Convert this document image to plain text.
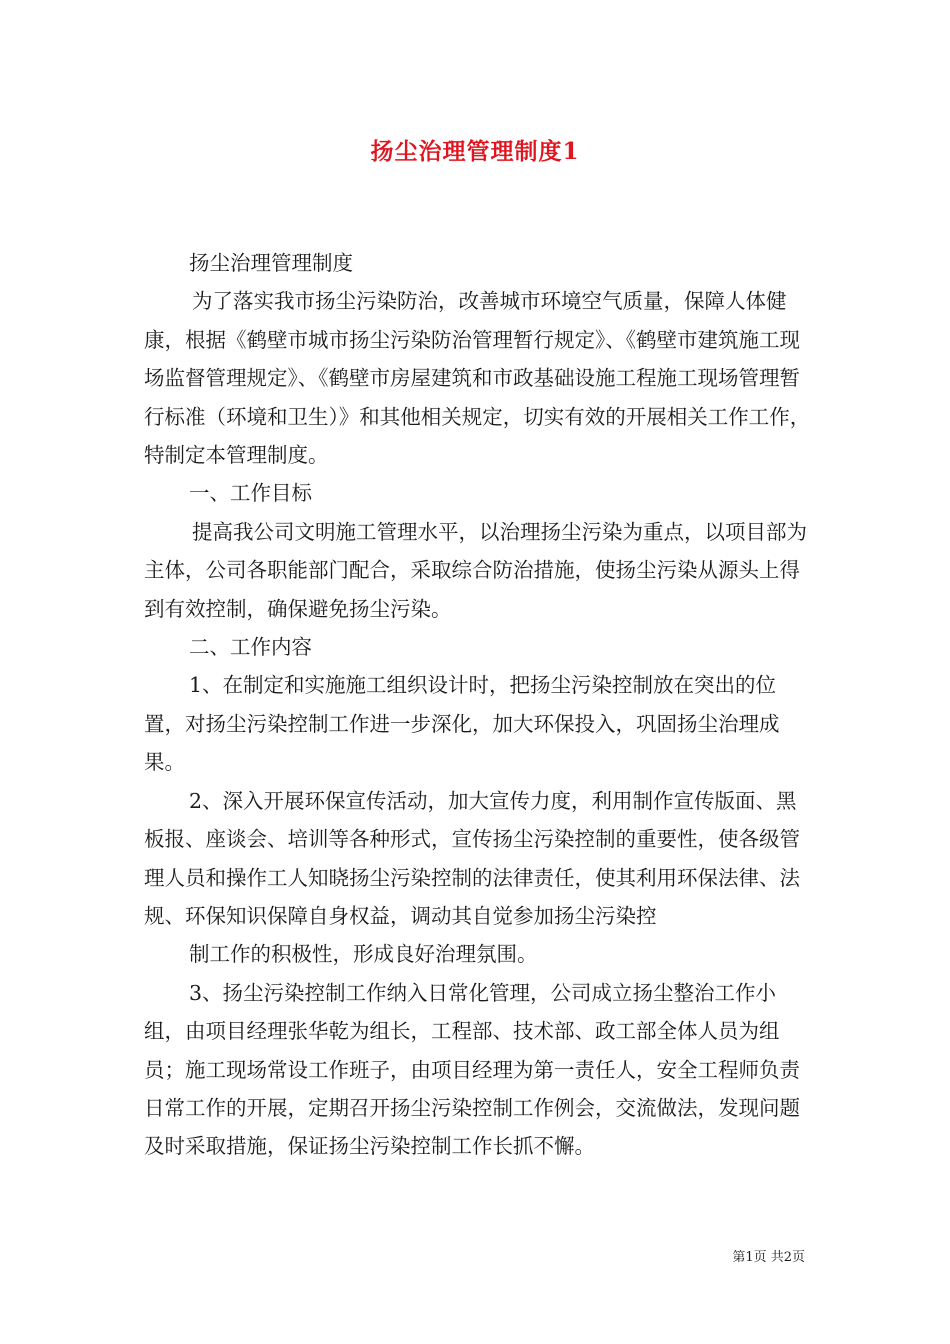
扬尘治理管理制度1

扬尘治理管理制度

为了落实我市扬尘污染防治，改善城市环境空气质量，保障人体健康，根据《鹤壁市城市扬尘污染防治管理暂行规定》、《鹤壁市建筑施工现场监督管理规定》、《鹤壁市房屋建筑和市政基础设施工程施工现场管理暂行标准（环境和卫生）》和其他相关规定，切实有效的开展相关工作工作，特制定本管理制度。

一、工作目标

提高我公司文明施工管理水平，以治理扬尘污染为重点，以项目部为主体，公司各职能部门配合，采取综合防治措施，使扬尘污染从源头上得到有效控制，确保避免扬尘污染。

二、工作内容

1、在制定和实施施工组织设计时，把扬尘污染控制放在突出的位置，对扬尘污染控制工作进一步深化，加大环保投入，巩固扬尘治理成果。

2、深入开展环保宣传活动，加大宣传力度，利用制作宣传版面、黑板报、座谈会、培训等各种形式，宣传扬尘污染控制的重要性，使各级管理人员和操作工人知晓扬尘污染控制的法律责任，使其利用环保法律、法规、环保知识保障自身权益，调动其自觉参加扬尘污染控

制工作的积极性，形成良好治理氛围。

3、扬尘污染控制工作纳入日常化管理，公司成立扬尘整治工作小组，由项目经理张华乾为组长，工程部、技术部、政工部全体人员为组员；施工现场常设工作班子，由项目经理为第一责任人，安全工程师负责日常工作的开展，定期召开扬尘污染控制工作例会，交流做法，发现问题及时采取措施，保证扬尘污染控制工作长抓不懈。

第1页 共2页
